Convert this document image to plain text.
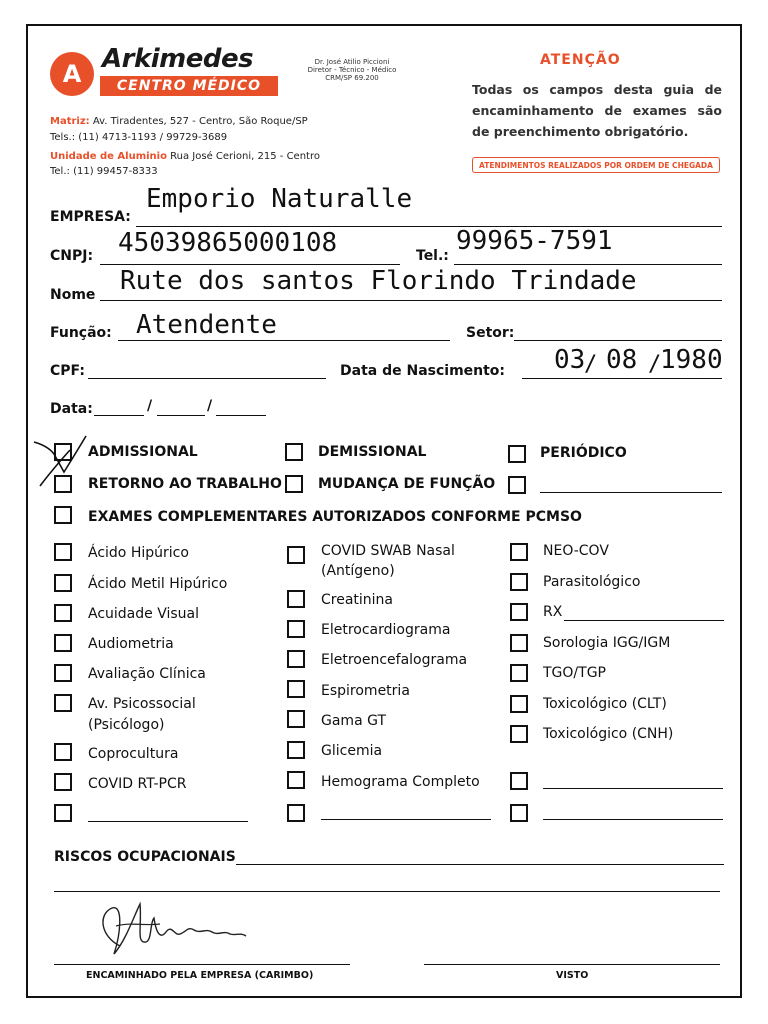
A
Arkimedes
CENTRO MÉDICO
Dr. José Atilio Piccioni
Diretor - Técnico - Médico
CRM/SP 69.200
Matriz: Av. Tiradentes, 527 - Centro, São Roque/SP
Tels.: (11) 4713-1193 / 99729-3689
Unidade de Aluminio Rua José Cerioni, 215 - Centro
Tel.: (11) 99457-8333
ATENÇÃO
Todas os campos desta guia de encaminhamento de exames são de preenchimento obrigatório.
ATENDIMENTOS REALIZADOS POR ORDEM DE CHEGADA
EMPRESA:
Emporio Naturalle
CNPJ: 45039865000108	Tel.: 99965-7591
Nome Rute dos santos Florindo Trindade
Função: Atendente	Setor:
CPF:	Data de Nascimento: 03
/ 08 /
1980
Data:	/	/
ADMISSIONAL	DEMISSIONAL	PERIÓDICO
RETORNO AO TRABALHO	MUDANÇA DE FUNÇÃO
EXAMES COMPLEMENTARES AUTORIZADOS CONFORME PCMSO
Ácido Hipúrico
Ácido Metil Hipúrico
Acuidade Visual
Audiometria
Avaliação Clínica
Av. Psicossocial
(Psicólogo)
Coprocultura
COVID RT-PCR
COVID SWAB Nasal
(Antígeno)
Creatinina
Eletrocardiograma
Eletroencefalograma
Espirometria
Gama GT
Glicemia
Hemograma Completo
NEO-COV
Parasitológico
RX
Sorologia IGG/IGM
TGO/TGP
Toxicológico (CLT)
Toxicológico (CNH)
RISCOS OCUPACIONAIS
ENCAMINHADO PELA EMPRESA (CARIMBO)	VISTO
